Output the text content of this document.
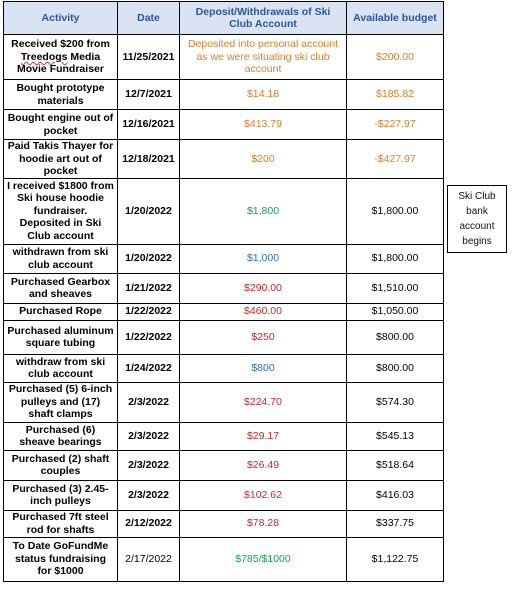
Activity	Date	Deposit/Withdrawals of Ski Club Account	Available budget
Received $200 from Treedogs Media Movie Fundraiser	11/25/2021	Deposited into personal account as we were situating ski club account	$200.00
Bought prototype materials	12/7/2021	$14.18	$185.82
Bought engine out of pocket	12/16/2021	$413.79	-$227.97
Paid Takis Thayer for hoodie art out of pocket	12/18/2021	$200	-$427.97
I received $1800 from Ski house hoodie fundraiser. Deposited in Ski Club account	1/20/2022	$1,800	$1,800.00
withdrawn from ski club account	1/20/2022	$1,000	$1,800.00
Purchased Gearbox and sheaves	1/21/2022	$290.00	$1,510.00
Purchased Rope	1/22/2022	$460.00	$1,050.00
Purchased aluminum square tubing	1/22/2022	$250	$800.00
withdraw from ski club account	1/24/2022	$800	$800.00
Purchased (5) 6-inch pulleys and (17) shaft clamps	2/3/2022	$224.70	$574.30
Purchased (6) sheave bearings	2/3/2022	$29.17	$545.13
Purchased (2) shaft couples	2/3/2022	$26.49	$518.64
Purchased (3) 2.45-inch pulleys	2/3/2022	$102.62	$416.03
Purchased 7ft steel rod for shafts	2/12/2022	$78.28	$337.75
To Date GoFundMe status fundraising for $1000	2/17/2022	$785/$1000	$1,122.75
Ski Club bank account begins
